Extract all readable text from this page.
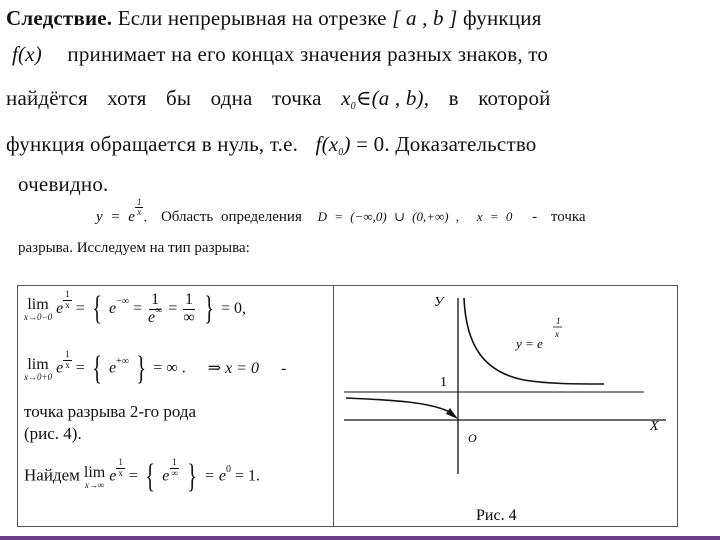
Следствие. Если непрерывная на отрезке [ a , b ] функция
f(x) принимает на его концах значения разных знаков, то
найдётся хотя бы одна точка x0∈(a , b), в которой
функция обращается в нуль, т.е. f(x0) = 0. Доказательство
очевидно.
y = e $\frac{1}{x}$ . Область определения D = (−∞,0) ∪ (0,+∞) , x = 0 - точка
разрыва. Исследуем на тип разрыва:
lim
x→0−0 e $\frac{1}{x}$ = { $e^{-\infty} = \frac{1}{e^\infty} = \frac{1}{\infty}$ } = 0,
lim
x→0+0 e $\frac{1}{x}$ = { e+∞ } = ∞ . ⇒ x = 0 -
точка разрыва 2-го рода
(рис. 4).
Найдем lim
x→∞ e $\frac{1}{x}$ = { e $\frac{1}{\infty}$ } = $e^0 = 1$.
У
Х
O
1
y = e
1
x
Рис. 4
